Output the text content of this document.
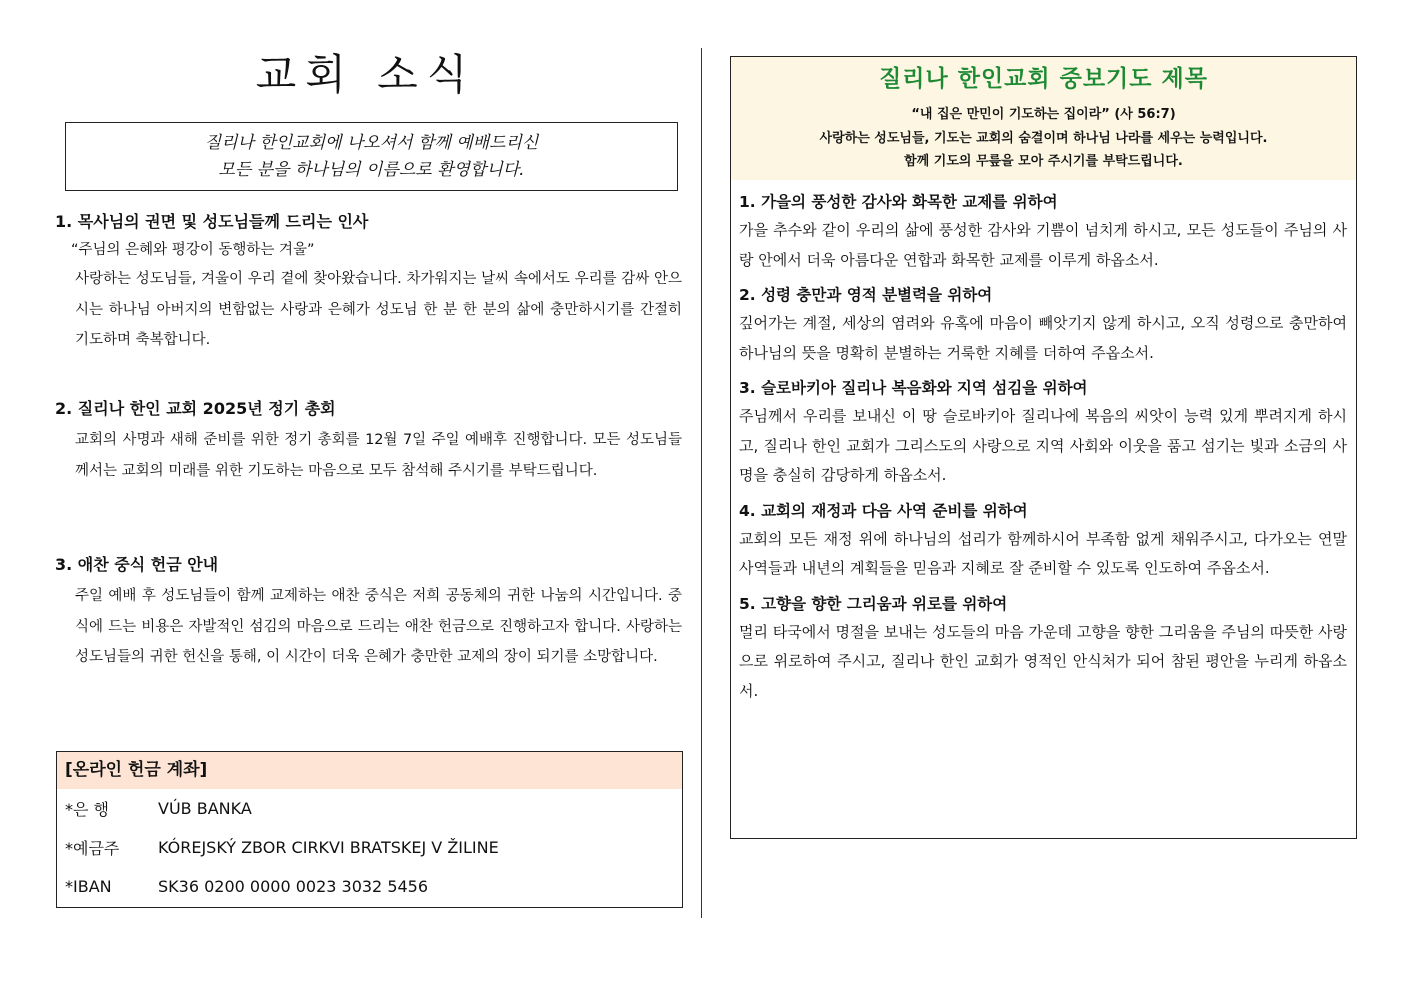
교회 소식
질리나 한인교회에 나오셔서 함께 예배드리신
모든 분을 하나님의 이름으로 환영합니다.
1. 목사님의 권면 및 성도님들께 드리는 인사
“주님의 은혜와 평강이 동행하는 겨울”
사랑하는 성도님들, 겨울이 우리 곁에 찾아왔습니다. 차가워지는 날씨 속에서도 우리를 감싸 안으시는 하나님 아버지의 변함없는 사랑과 은혜가 성도님 한 분 한 분의 삶에 충만하시기를 간절히 기도하며 축복합니다.
2. 질리나 한인 교회 2025년 정기 총회
교회의 사명과 새해 준비를 위한 정기 총회를 12월 7일 주일 예배후 진행합니다. 모든 성도님들께서는 교회의 미래를 위한 기도하는 마음으로 모두 참석해 주시기를 부탁드립니다.
3. 애찬 중식 헌금 안내
주일 예배 후 성도님들이 함께 교제하는 애찬 중식은 저희 공동체의 귀한 나눔의 시간입니다. 중식에 드는 비용은 자발적인 섬김의 마음으로 드리는 애찬 헌금으로 진행하고자 합니다. 사랑하는 성도님들의 귀한 헌신을 통해, 이 시간이 더욱 은혜가 충만한 교제의 장이 되기를 소망합니다.
[온라인 헌금 계좌]
*은 행	VÚB BANKA
*예금주	KÓREJSKÝ ZBOR CIRKVI BRATSKEJ V ŽILINE
*IBAN	SK36 0200 0000 0023 3032 5456
질리나 한인교회 중보기도 제목
“내 집은 만민이 기도하는 집이라” (사 56:7)
사랑하는 성도님들, 기도는 교회의 숨결이며 하나님 나라를 세우는 능력입니다.
함께 기도의 무릎을 모아 주시기를 부탁드립니다.
1. 가을의 풍성한 감사와 화목한 교제를 위하여
가을 추수와 같이 우리의 삶에 풍성한 감사와 기쁨이 넘치게 하시고, 모든 성도들이 주님의 사랑 안에서 더욱 아름다운 연합과 화목한 교제를 이루게 하옵소서.
2. 성령 충만과 영적 분별력을 위하여
깊어가는 계절, 세상의 염려와 유혹에 마음이 빼앗기지 않게 하시고, 오직 성령으로 충만하여 하나님의 뜻을 명확히 분별하는 거룩한 지혜를 더하여 주옵소서.
3. 슬로바키아 질리나 복음화와 지역 섬김을 위하여
주님께서 우리를 보내신 이 땅 슬로바키아 질리나에 복음의 씨앗이 능력 있게 뿌려지게 하시고, 질리나 한인 교회가 그리스도의 사랑으로 지역 사회와 이웃을 품고 섬기는 빛과 소금의 사명을 충실히 감당하게 하옵소서.
4. 교회의 재정과 다음 사역 준비를 위하여
교회의 모든 재정 위에 하나님의 섭리가 함께하시어 부족함 없게 채워주시고, 다가오는 연말 사역들과 내년의 계획들을 믿음과 지혜로 잘 준비할 수 있도록 인도하여 주옵소서.
5. 고향을 향한 그리움과 위로를 위하여
멀리 타국에서 명절을 보내는 성도들의 마음 가운데 고향을 향한 그리움을 주님의 따뜻한 사랑으로 위로하여 주시고, 질리나 한인 교회가 영적인 안식처가 되어 참된 평안을 누리게 하옵소서.
